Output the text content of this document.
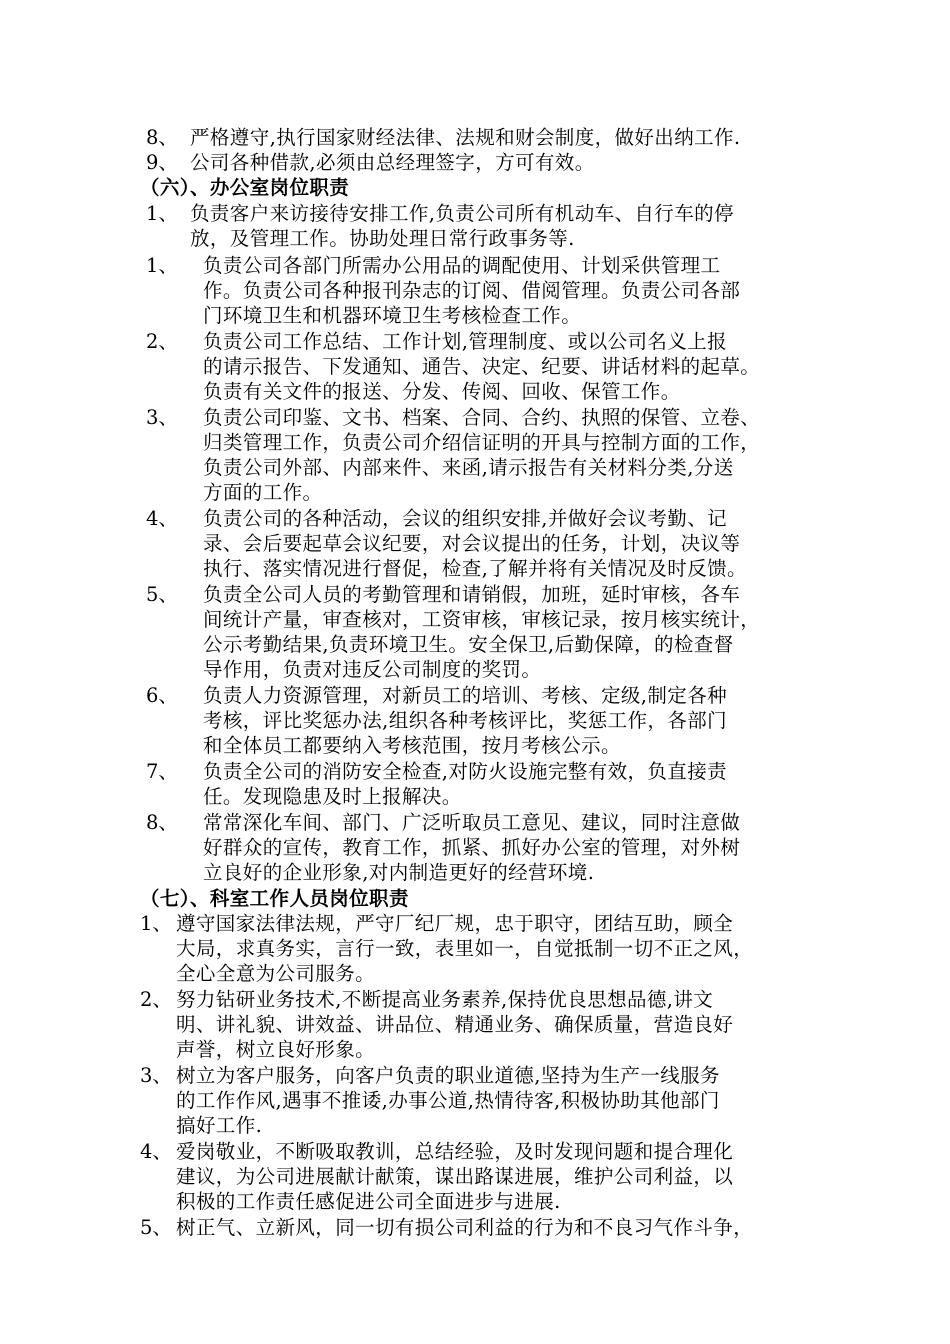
8、 严格遵守,执行国家财经法律、法规和财会制度，做好出纳工作.
9、 公司各种借款,必须由总经理签字，方可有效。
（六）、办公室岗位职责
1、 负责客户来访接待安排工作,负责公司所有机动车、自行车的停
放，及管理工作。协助处理日常行政事务等.
1、 负责公司各部门所需办公用品的调配使用、计划采供管理工
作。负责公司各种报刊杂志的订阅、借阅管理。负责公司各部
门环境卫生和机器环境卫生考核检查工作。
2、 负责公司工作总结、工作计划,管理制度、或以公司名义上报
的请示报告、下发通知、通告、决定、纪要、讲话材料的起草。
负责有关文件的报送、分发、传阅、回收、保管工作。
3、 负责公司印鉴、文书、档案、合同、合约、执照的保管、立卷、
归类管理工作，负责公司介绍信证明的开具与控制方面的工作，
负责公司外部、内部来件、来函,请示报告有关材料分类,分送
方面的工作。
4、 负责公司的各种活动，会议的组织安排,并做好会议考勤、记
录、会后要起草会议纪要，对会议提出的任务，计划，决议等
执行、落实情况进行督促，检查,了解并将有关情况及时反馈。
5、 负责全公司人员的考勤管理和请销假，加班，延时审核，各车
间统计产量，审查核对，工资审核，审核记录，按月核实统计，
公示考勤结果,负责环境卫生。安全保卫,后勤保障，的检查督
导作用，负责对违反公司制度的奖罚。
6、 负责人力资源管理，对新员工的培训、考核、定级,制定各种
考核，评比奖惩办法,组织各种考核评比，奖惩工作，各部门
和全体员工都要纳入考核范围，按月考核公示。
7、 负责全公司的消防安全检查,对防火设施完整有效，负直接责
任。发现隐患及时上报解决。
8、 常常深化车间、部门、广泛听取员工意见、建议，同时注意做
好群众的宣传，教育工作，抓紧、抓好办公室的管理，对外树
立良好的企业形象,对内制造更好的经营环境.
（七）、科室工作人员岗位职责
1、 遵守国家法律法规，严守厂纪厂规，忠于职守，团结互助，顾全
大局，求真务实，言行一致，表里如一，自觉抵制一切不正之风，
全心全意为公司服务。
2、 努力钻研业务技术,不断提高业务素养,保持优良思想品德,讲文
明、讲礼貌、讲效益、讲品位、精通业务、确保质量，营造良好
声誉，树立良好形象。
3、 树立为客户服务，向客户负责的职业道德,坚持为生产一线服务
的工作作风,遇事不推诿,办事公道,热情待客,积极协助其他部门
搞好工作.
4、 爱岗敬业，不断吸取教训，总结经验，及时发现问题和提合理化
建议，为公司进展献计献策，谋出路谋进展，维护公司利益，以
积极的工作责任感促进公司全面进步与进展.
5、 树正气、立新风，同一切有损公司利益的行为和不良习气作斗争，
